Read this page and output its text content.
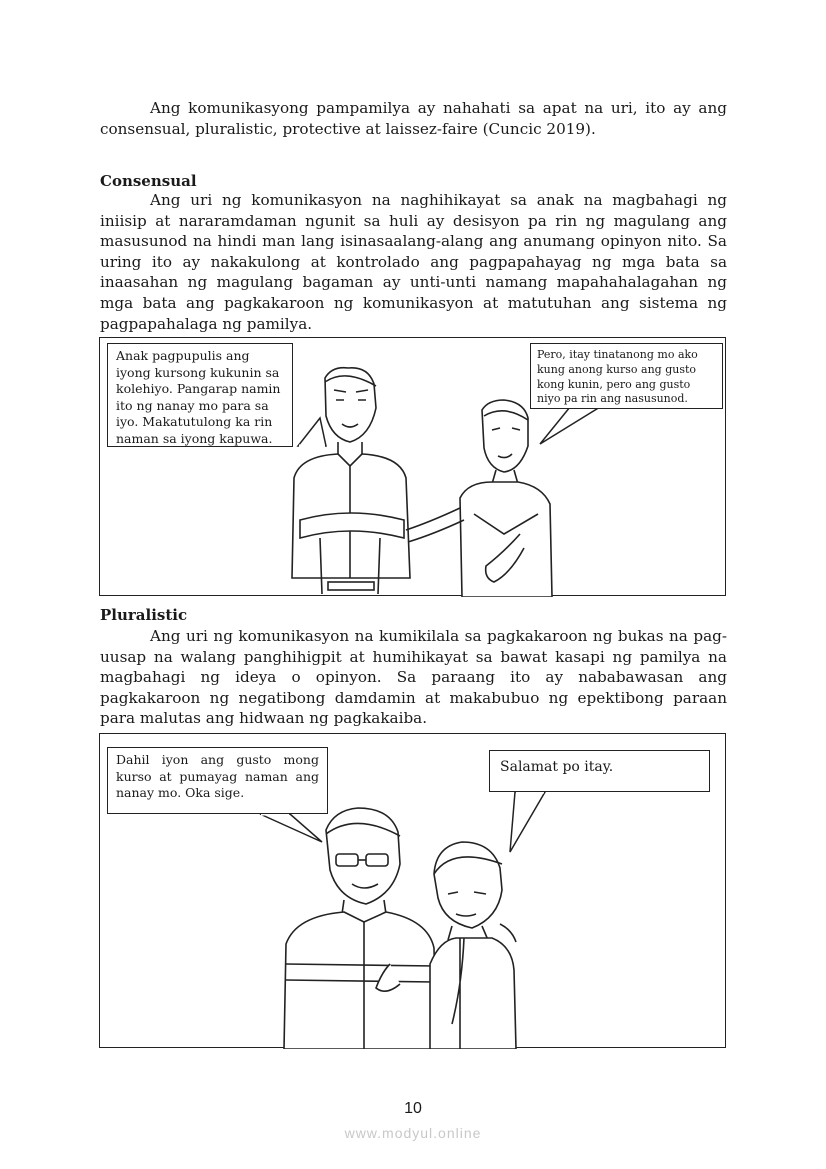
Ang komunikasyong pampamilya ay nahahati sa apat na uri, ito ay ang consensual, pluralistic, protective at laissez-faire (Cuncic 2019).

Consensual

Ang uri ng komunikasyon na naghihikayat sa anak na magbahagi ng iniisip at nararamdaman ngunit sa huli ay desisyon pa rin ng magulang ang masusunod na hindi man lang isinasaalang-alang ang anumang opinyon nito. Sa uring ito ay nakakulong at kontrolado ang pagpapahayag ng mga bata sa inaasahan ng magulang bagaman ay unti-unti namang mapahahalagahan ng mga bata ang pagkakaroon ng komunikasyon at matutuhan ang sistema ng pagpapahalaga ng pamilya.

Anak pagpupulis ang iyong kursong kukunin sa kolehiyo. Pangarap namin ito ng nanay mo para sa iyo. Makatutulong ka rin naman sa iyong kapuwa.
Pero, itay tinatanong mo ako kung anong kurso ang gusto kong kunin, pero ang gusto niyo pa rin ang nasusunod.
Pluralistic

Ang uri ng komunikasyon na kumikilala sa pagkakaroon ng bukas na pag-uusap na walang panghihigpit at humihikayat sa bawat kasapi ng pamilya na magbahagi ng ideya o opinyon. Sa paraang ito ay nababawasan ang pagkakaroon ng negatibong damdamin at makabubuo ng epektibong paraan para malutas ang hidwaan ng pagkakaiba.

Dahil iyon ang gusto mong kurso at pumayag naman ang nanay mo. Oka sige.
Salamat po itay.
10
www.modyul.online
